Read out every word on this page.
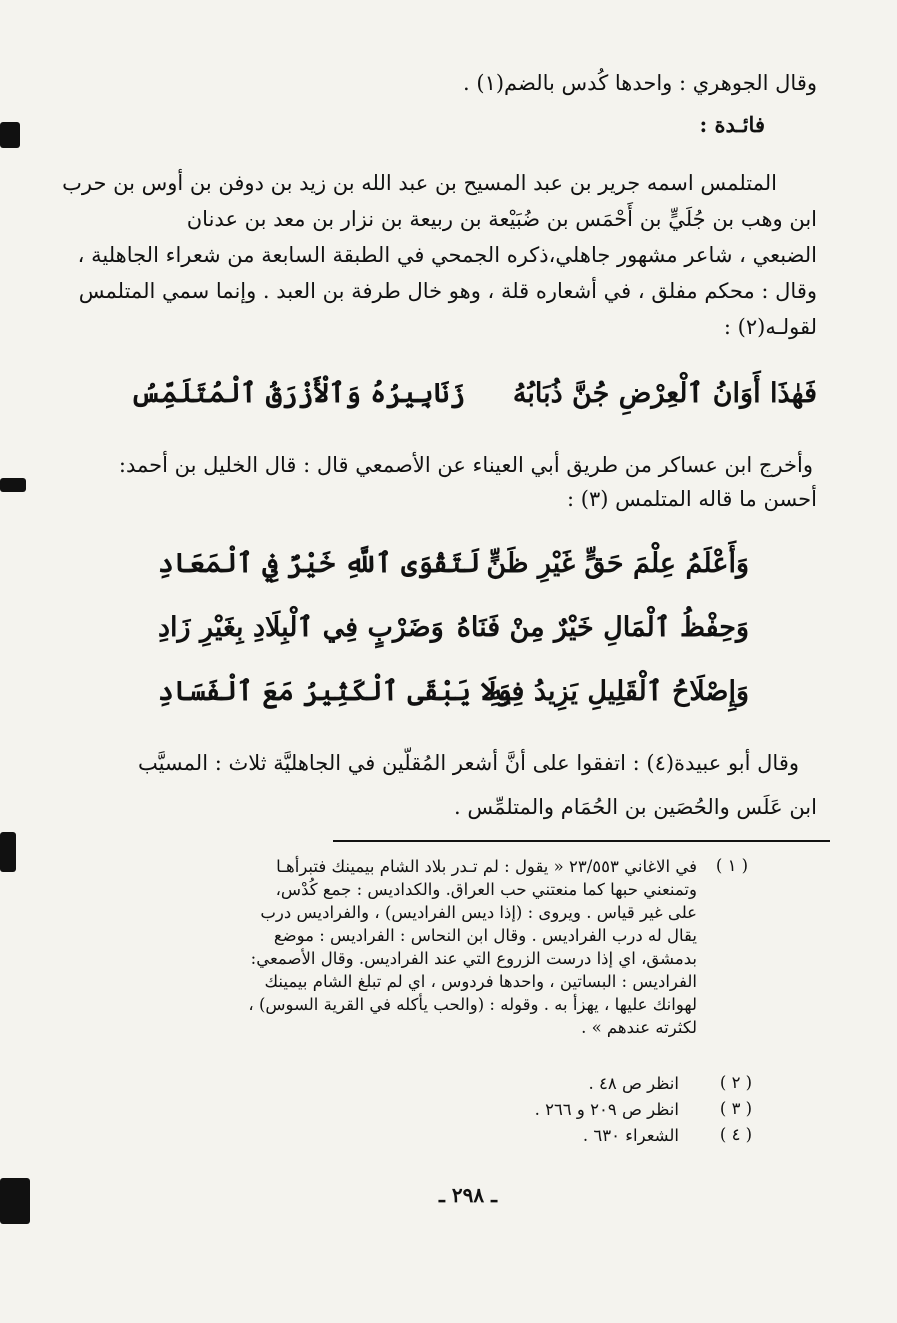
وقال الجوهري : واحدها كُدس بالضم(١) .
فائـدة :
المتلمس اسمه جرير بن عبد المسيح بن عبد الله بن زيد بن دوفن بن أوس بن حرب
ابن وهب بن جُلَيٍّ بن أَحْمَس بن ضُبَيْعة بن ربيعة بن نزار بن معد بن عدنان
الضبعي ، شاعر مشهور جاهلي،ذكره الجمحي في الطبقة السابعة من شعراء الجاهلية ،
وقال : محكم مفلق ، في أشعاره قلة ، وهو خال طرفة بن العبد . وإنما سمي المتلمس
لقولـه(٢) :
فَهٰذَا أَوَانُ ٱلْعِرْضِ جُنَّ ذُبَابُهُ
زَنَابِيرُهُ وَٱلْأَزْرَقُ ٱلْمُتَلَمِّسُ
وأخرج ابن عساكر من طريق أبي العيناء عن الأصمعي قال : قال الخليل بن أحمد:
أحسن ما قاله المتلمس (٣) :
وَأَعْلَمُ عِلْمَ حَقٍّ غَيْرِ ظَنٍّ
لَتَقْوَى ٱللَّهِ خَيْرٌ فِي ٱلْمَعَادِ
وَحِفْظُ ٱلْمَالِ خَيْرٌ مِنْ فَنَاهُ
وَضَرْبٍ فِي ٱلْبِلَادِ بِغَيْرِ زَادِ
وَإِصْلَاحُ ٱلْقَلِيلِ يَزِيدُ فِيهِ
وَلَا يَبْقَى ٱلْكَثِيرُ مَعَ ٱلْفَسَادِ
وقال أبو عبيدة(٤) : اتفقوا على أنَّ أشعر المُقلّين في الجاهليَّة ثلاث : المسيَّب
ابن عَلَس والحُصَين بن الحُمَام والمتلمِّس .
( ١ )
في الاغاني ٢٣/٥٥٣ « يقول : لم تـدر بلاد الشام بيمينك فتبرأهـا
وتمنعني حبها كما منعتني حب العراق. والكداديس : جمع كُدْس،
على غير قياس . ويروى : (إذا ديس الفراديس) ، والفراديس درب
يقال له درب الفراديس . وقال ابن النحاس : الفراديس : موضع
بدمشق، اي إذا درست الزروع التي عند الفراديس. وقال الأصمعي:
الفراديس : البساتين ، واحدها فردوس ، اي لم تبلغ الشام بيمينك
لهوانك عليها ، يهزأ به . وقوله : (والحب يأكله في القرية السوس) ،
لكثرته عندهم » .
( ٢ )
انظر ص ٤٨ .
( ٣ )
انظر ص ٢٠٩ و ٢٦٦ .
( ٤ )
الشعراء ٦٣٠ .
ـ ٢٩٨ ـ
